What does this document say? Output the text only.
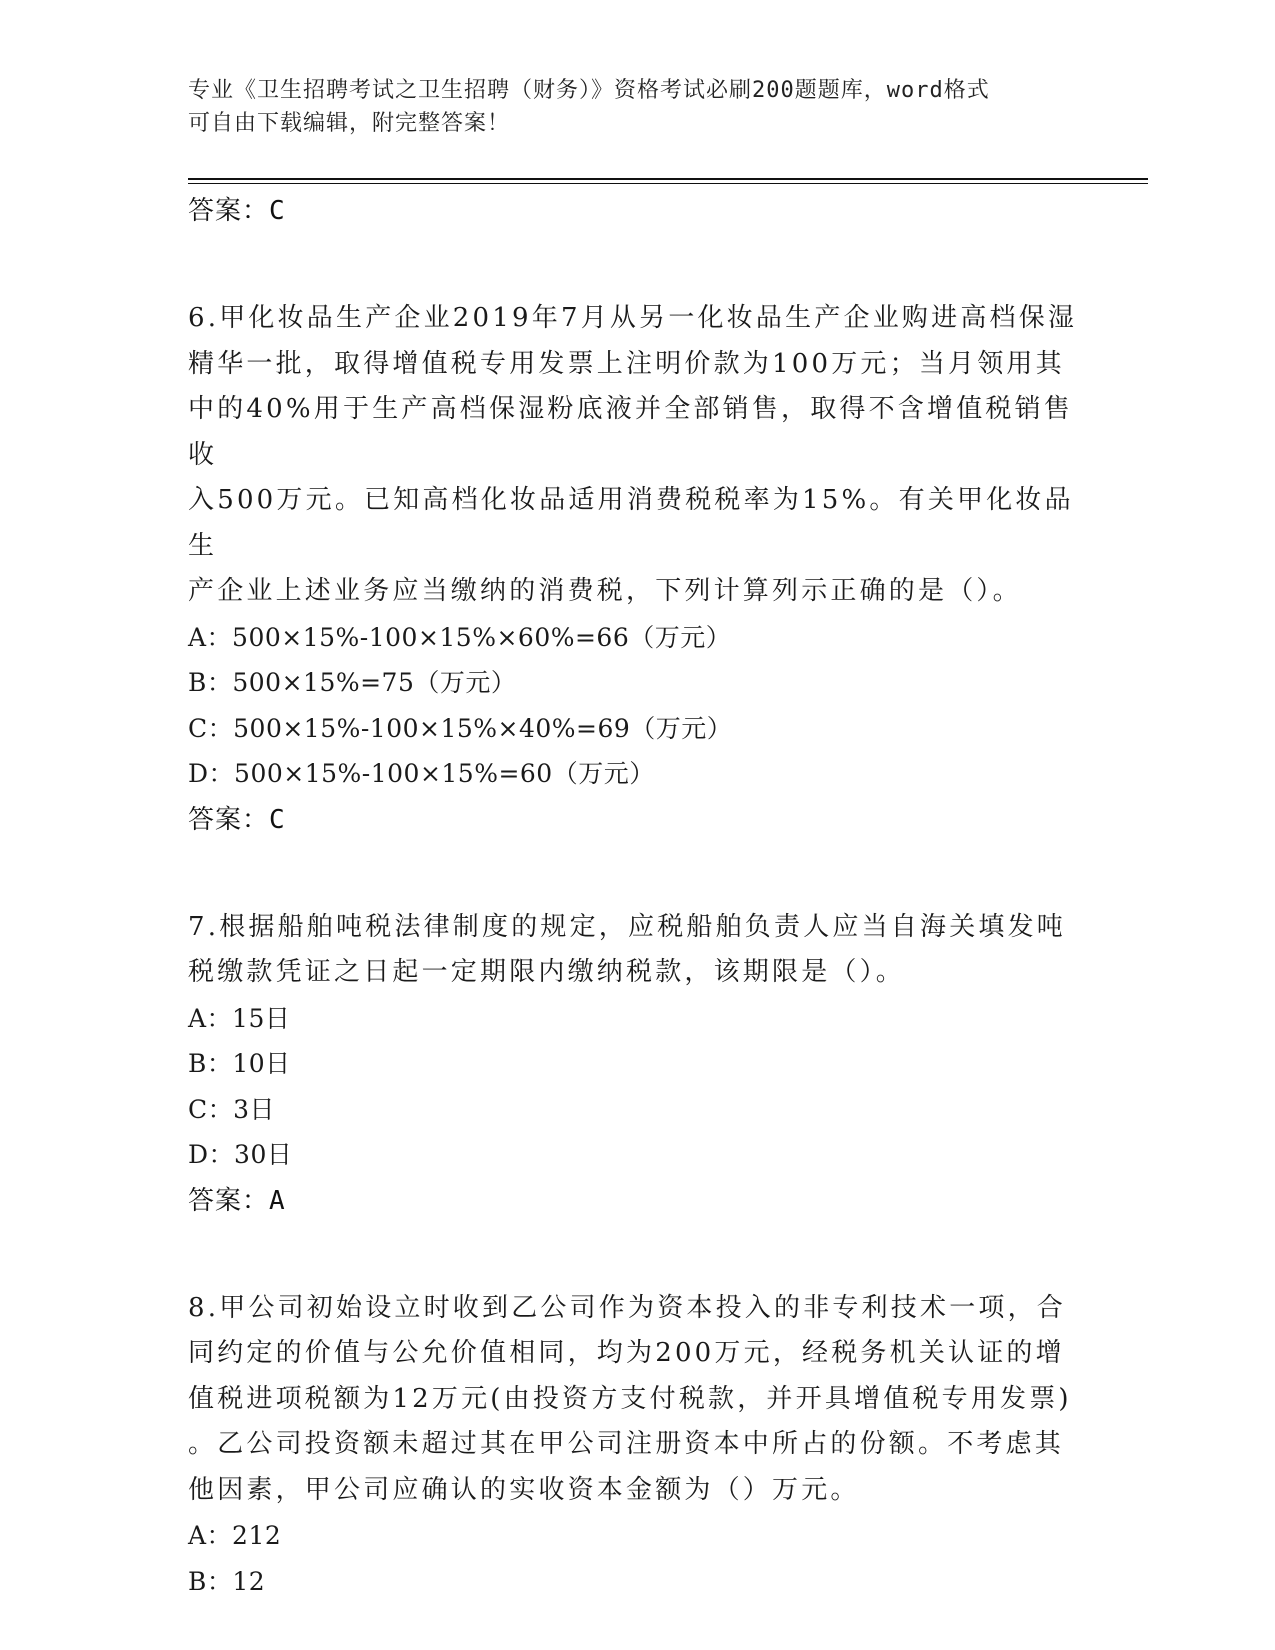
专业《卫生招聘考试之卫生招聘（财务）》资格考试必刷200题题库，word格式
可自由下载编辑，附完整答案！

答案：C

6.甲化妆品生产企业2019年7月从另一化妆品生产企业购进高档保湿

精华一批，取得增值税专用发票上注明价款为100万元；当月领用其

中的40%用于生产高档保湿粉底液并全部销售，取得不含增值税销售收

入500万元。已知高档化妆品适用消费税税率为15%。有关甲化妆品生

产企业上述业务应当缴纳的消费税，下列计算列示正确的是（）。

A：500×15%-100×15%×60%=66（万元）

B：500×15%=75（万元）

C：500×15%-100×15%×40%=69（万元）

D：500×15%-100×15%=60（万元）

答案：C

7.根据船舶吨税法律制度的规定，应税船舶负责人应当自海关填发吨

税缴款凭证之日起一定期限内缴纳税款，该期限是（）。

A：15日

B：10日

C：3日

D：30日

答案：A

8.甲公司初始设立时收到乙公司作为资本投入的非专利技术一项，合

同约定的价值与公允价值相同，均为200万元，经税务机关认证的增

值税进项税额为12万元(由投资方支付税款，并开具增值税专用发票)

。乙公司投资额未超过其在甲公司注册资本中所占的份额。不考虑其

他因素，甲公司应确认的实收资本金额为（）万元。

A：212

B：12
